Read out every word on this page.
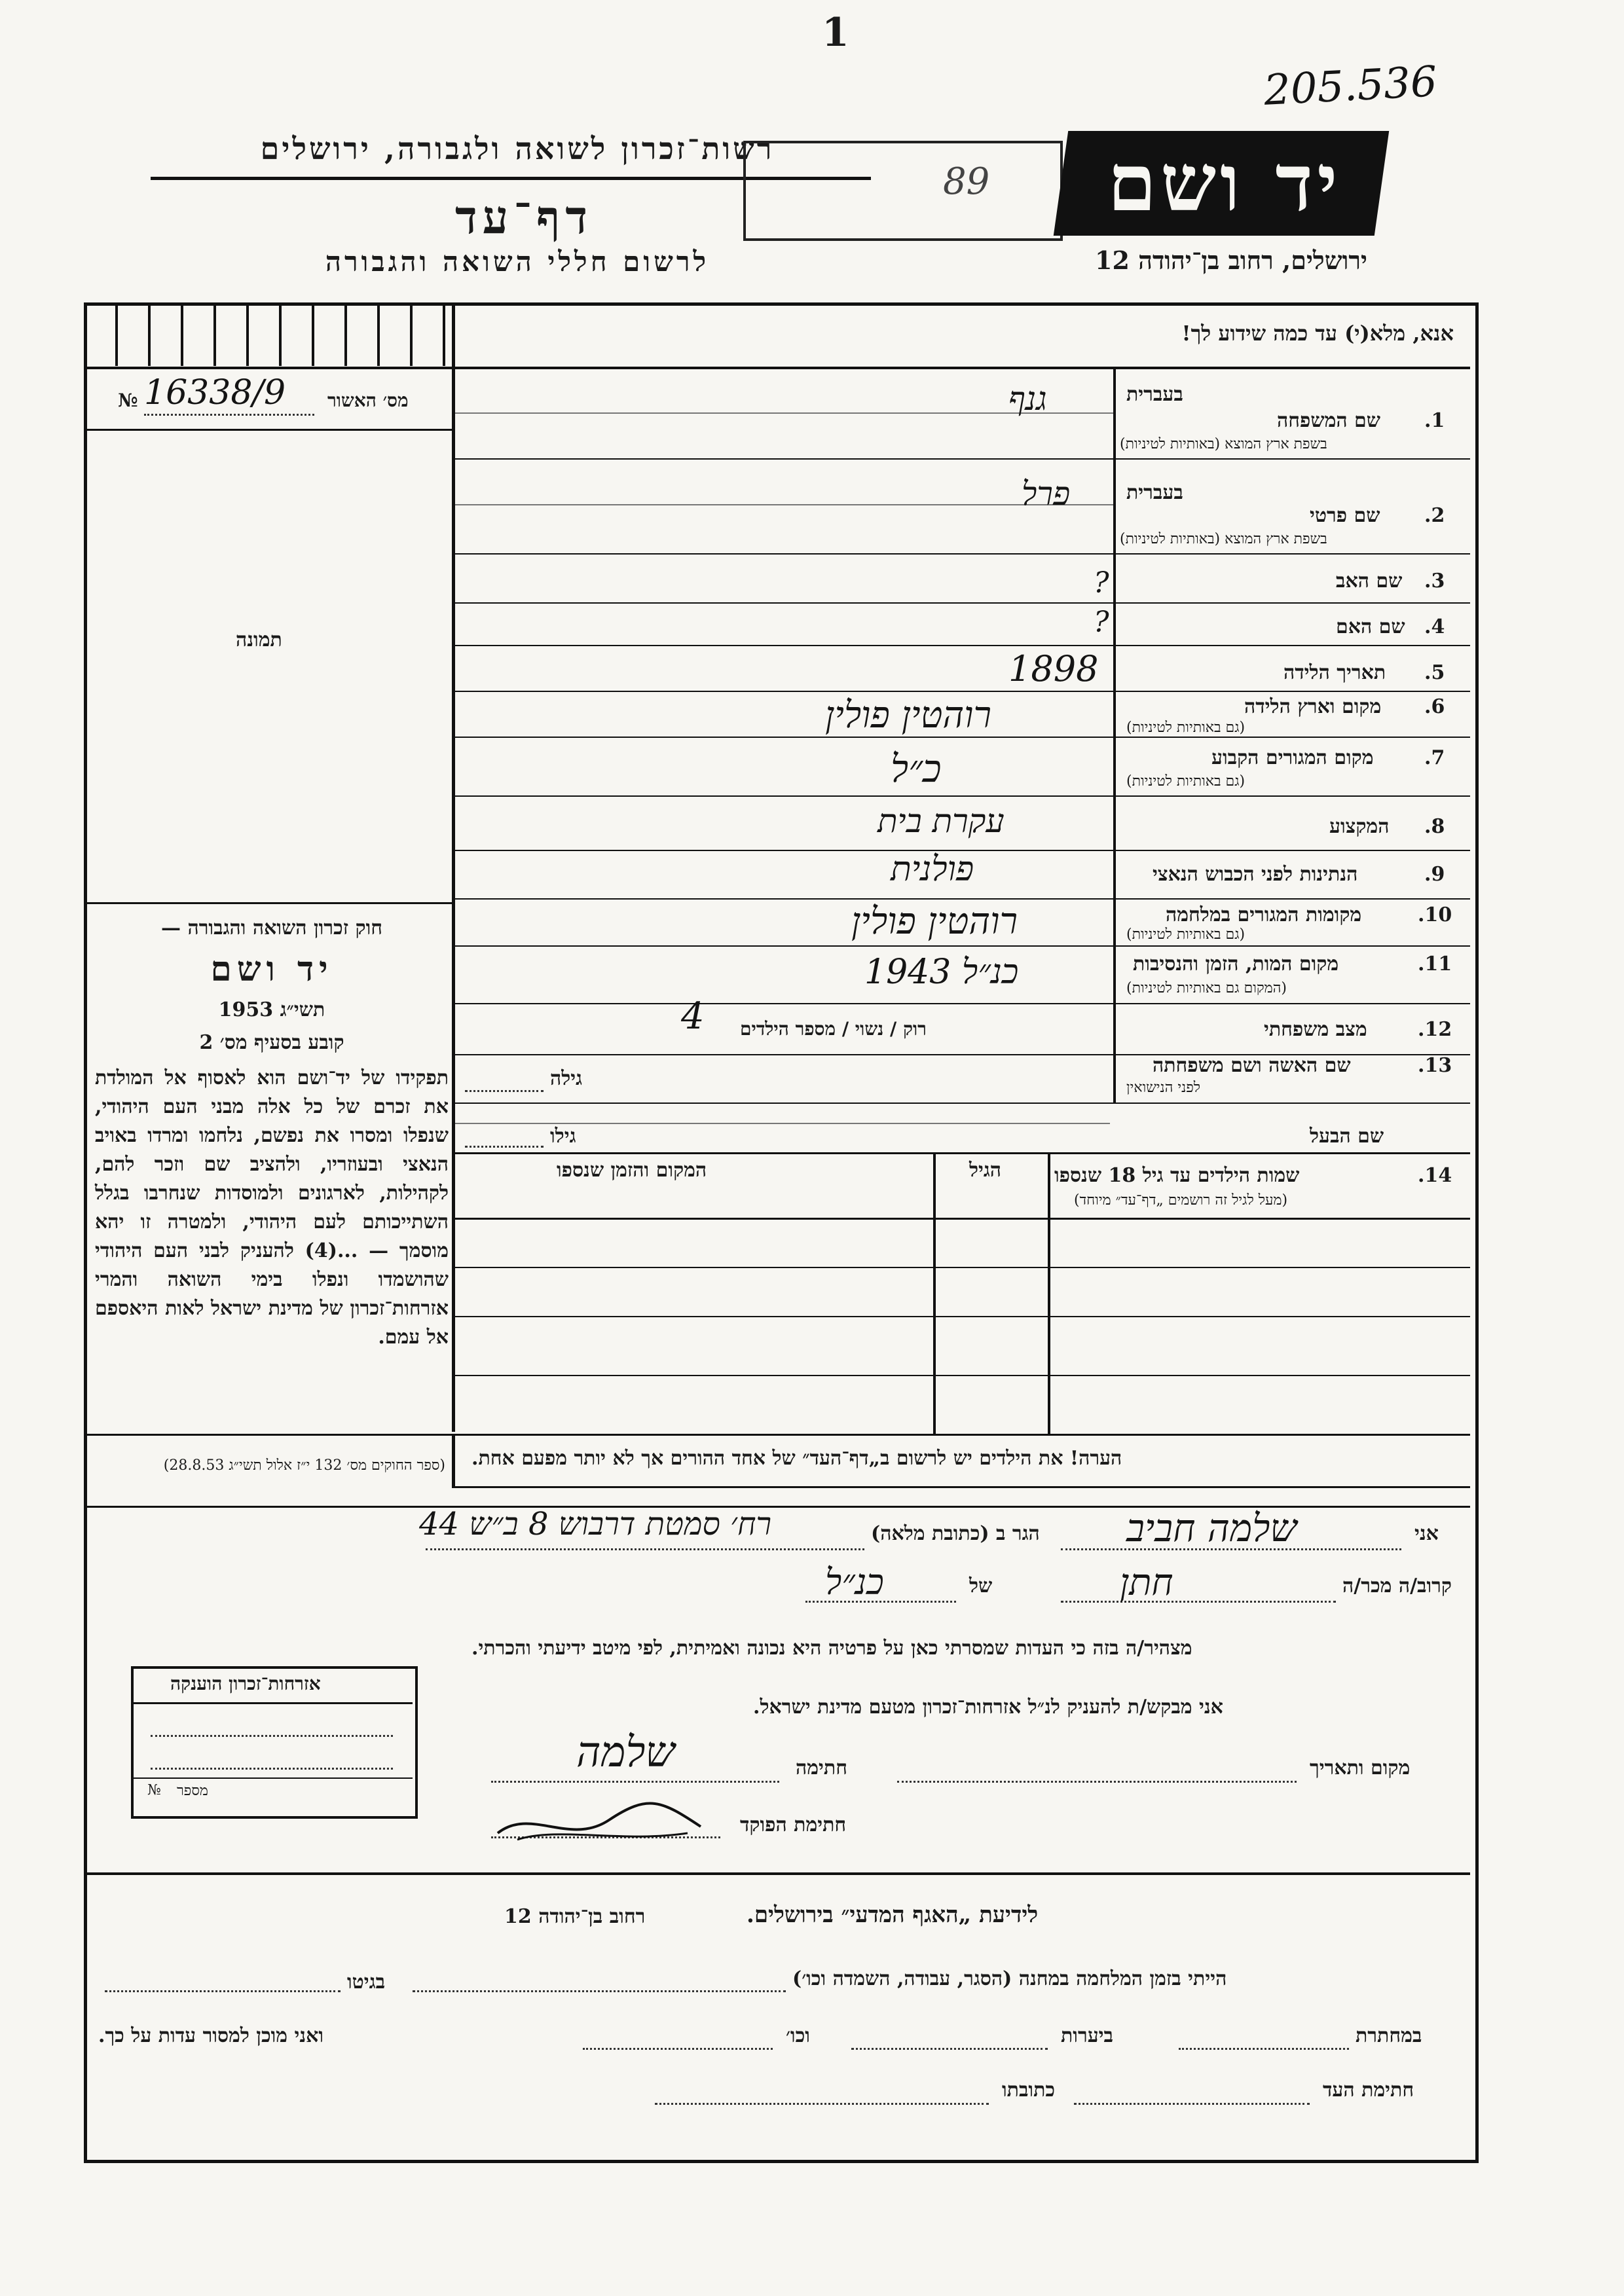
205.536
1
רשות־זכרון לשואה ולגבורה, ירושלים
דף־עד
לרשום חללי השואה והגבורה
89	יד ושם
ירושלים, רחוב בן־יהודה 12
אנא, מלא(י) עד כמה שידוע לך!
№ 16338/9 מס׳ האשור
תמונה
1.
שם המשפחה
בשפת ארץ המוצא (באותיות לטיניות)
בעברית
גנף
2.
שם פרטי
בשפת ארץ המוצא (באותיות לטיניות)
בעברית
פרל
3.
שם האב
?
4.
שם האם
?
5.
תאריך הלידה
1898
6.
מקום וארץ הלידה
(גם באותיות לטיניות)
רוהטין פולין
7.
מקום המגורים הקבוע
(גם באותיות לטיניות)
כ״ל
8.
המקצוע
עקרת בית
9.
הנתינות לפני הכבוש הנאצי
פולנית
10.
מקומות המגורים במלחמה
(גם באותיות לטיניות)
רוהטין פולין
11.
מקום המות, הזמן והנסיבות
(המקום גם באותיות לטיניות)
כנ״ל 1943
12.
מצב משפחתי
רוק / נשוי / מספר הילדים
4
13.
שם האשה ושם משפחתה
לפני הנישואין
גילה
שם הבעל
גילו
14.
שמות הילדים עד גיל 18 שנספו
(מעל לגיל זה רושמים „דף־עד״ מיוחד)
הגיל
המקום והזמן שנספו
חוק זכרון השואה והגבורה —
יד ושם
תשי״ג 1953
קובע בסעיף מס׳ 2
תפקידו של יד־ושם הוא לאסוף אל המולדת את זכרם של כל אלה מבני העם היהודי, שנפלו ומסרו את נפשם, נלחמו ומרדו באויב הנאצי ובעוזריו, ולהציב שם וזכר להם, לקהילות, לארגונים ולמוסדות שנחרבו בגלל השתייכותם לעם היהודי, ולמטרה זו יהא מוסמך — ...(4) להעניק לבני העם היהודי שהושמדו ונפלו בימי השואה והמרי אזרחות־זכרון של מדינת ישראל לאות היאספם אל עמם.
(ספר החוקים מס׳ 132 י״ז אלול תשי״ג 28.8.53) הערה! את הילדים יש לרשום ב„דף־העד״ של אחד ההורים אך לא יותר מפעם אחת.
אני
שלמה חביב
הגר ב (כתובת מלאה)
רח׳ סמטת דרבוש 8 ב״ש 44
קרוב/ה מכר/ה
חתן
של
כנ״ל
מצהיר/ה בזה כי העדות שמסרתי כאן על פרטיה היא נכונה ואמיתית, לפי מיטב ידיעתי והכרתי.
אני מבקש/ת להעניק לנ״ל אזרחות־זכרון מטעם מדינת ישראל.
מקום ותאריך
חתימה
שלמה
חתימת הפוקד
אזרחות־זכרון הוענקה
מספר
№
לידיעת „האגף המדעי״ בירושלים.
רחוב בן־יהודה 12
הייתי בזמן המלחמה במחנה (הסגר, עבודה, השמדה וכו׳)
בגיטו
במחתרת
ביערות
וכו׳
ואני מוכן למסור עדות על כך.
חתימת העד
כתובתו
